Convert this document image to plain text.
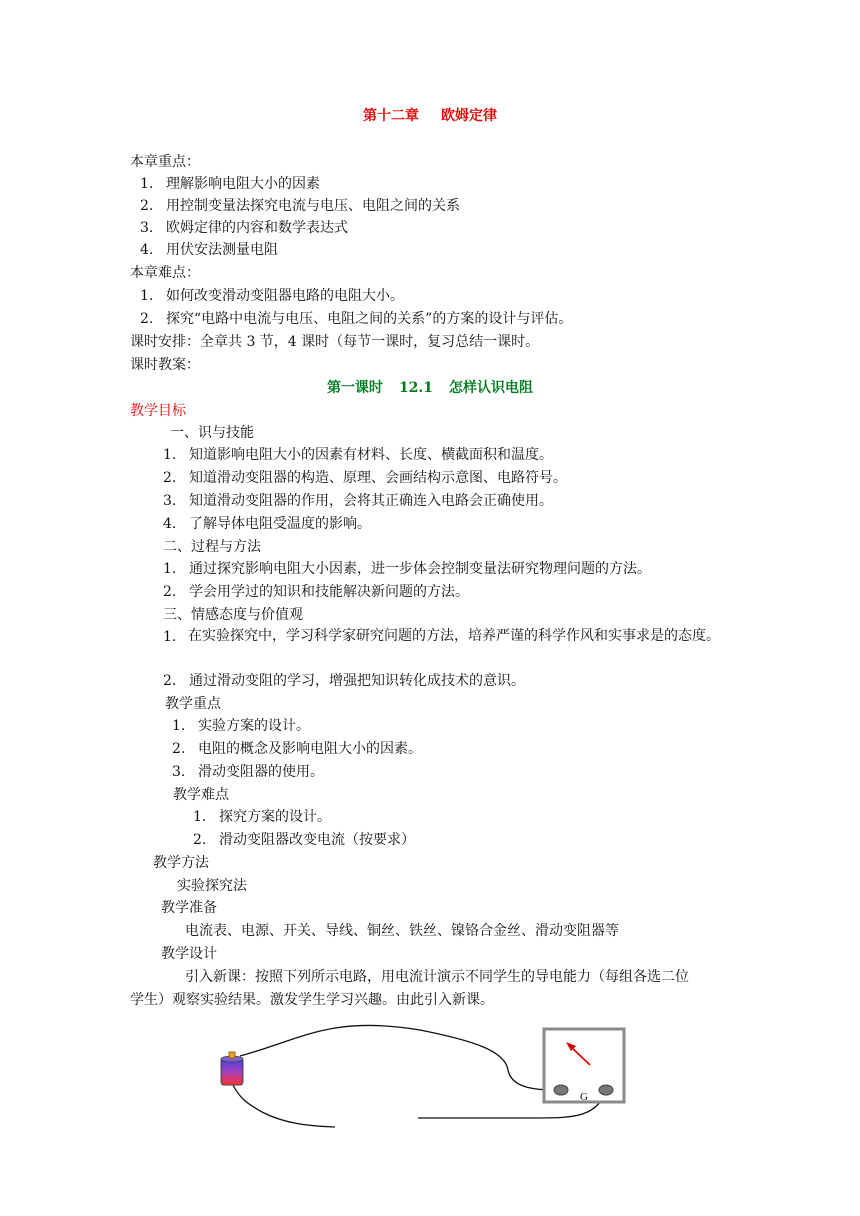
第十二章 欧姆定律
本章重点：
1. 理解影响电阻大小的因素
2. 用控制变量法探究电流与电压、电阻之间的关系
3. 欧姆定律的内容和数学表达式
4. 用伏安法测量电阻
本章难点：
1. 如何改变滑动变阻器电路的电阻大小。
2. 探究“电路中电流与电压、电阻之间的关系”的方案的设计与评估。
课时安排：全章共 3 节，4 课时（每节一课时，复习总结一课时。
课时教案：
第一课时 12.1 怎样认识电阻
教学目标
一、识与技能
1. 知道影响电阻大小的因素有材料、长度、横截面积和温度。
2. 知道滑动变阻器的构造、原理、会画结构示意图、电路符号。
3. 知道滑动变阻器的作用，会将其正确连入电路会正确使用。
4. 了解导体电阻受温度的影响。
二、过程与方法
1. 通过探究影响电阻大小因素，进一步体会控制变量法研究物理问题的方法。
2. 学会用学过的知识和技能解决新问题的方法。
三、情感态度与价值观
1. 在实验探究中，学习科学家研究问题的方法，培养严谨的科学作风和实事求是的态度。
2. 通过滑动变阻的学习，增强把知识转化成技术的意识。
教学重点
1. 实验方案的设计。
2. 电阻的概念及影响电阻大小的因素。
3. 滑动变阻器的使用。
教学难点
1. 探究方案的设计。
2. 滑动变阻器改变电流（按要求）
教学方法
实验探究法
教学准备
电流表、电源、开关、导线、铜丝、铁丝、镍铬合金丝、滑动变阻器等
教学设计
引入新课：按照下列所示电路，用电流计演示不同学生的导电能力（每组各选二位
学生）观察实验结果。激发学生学习兴趣。由此引入新课。
G
